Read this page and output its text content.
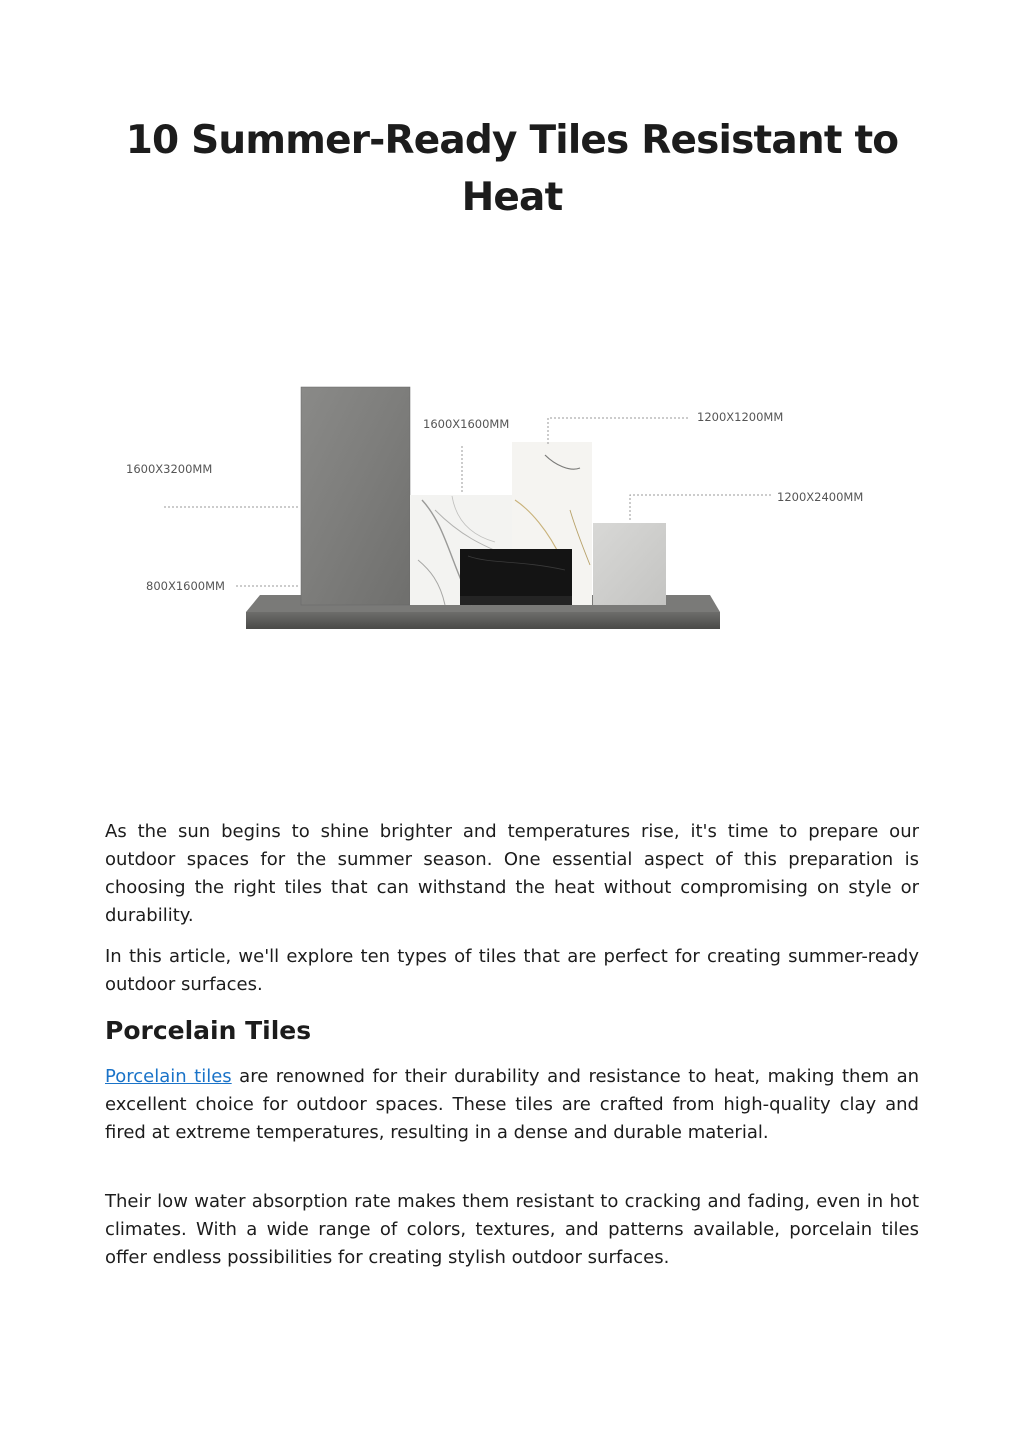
10 Summer-Ready Tiles Resistant to Heat
1600X3200MM
1600X1600MM	1200X1200MM
1200X2400MM
800X1600MM

As the sun begins to shine brighter and temperatures rise, it's time to prepare our outdoor spaces for the summer season. One essential aspect of this preparation is choosing the right tiles that can withstand the heat without compromising on style or durability.

In this article, we'll explore ten types of tiles that are perfect for creating summer-ready outdoor surfaces.

Porcelain Tiles

Porcelain tiles are renowned for their durability and resistance to heat, making them an excellent choice for outdoor spaces. These tiles are crafted from high-quality clay and fired at extreme temperatures, resulting in a dense and durable material.

Their low water absorption rate makes them resistant to cracking and fading, even in hot climates. With a wide range of colors, textures, and patterns available, porcelain tiles offer endless possibilities for creating stylish outdoor surfaces.
